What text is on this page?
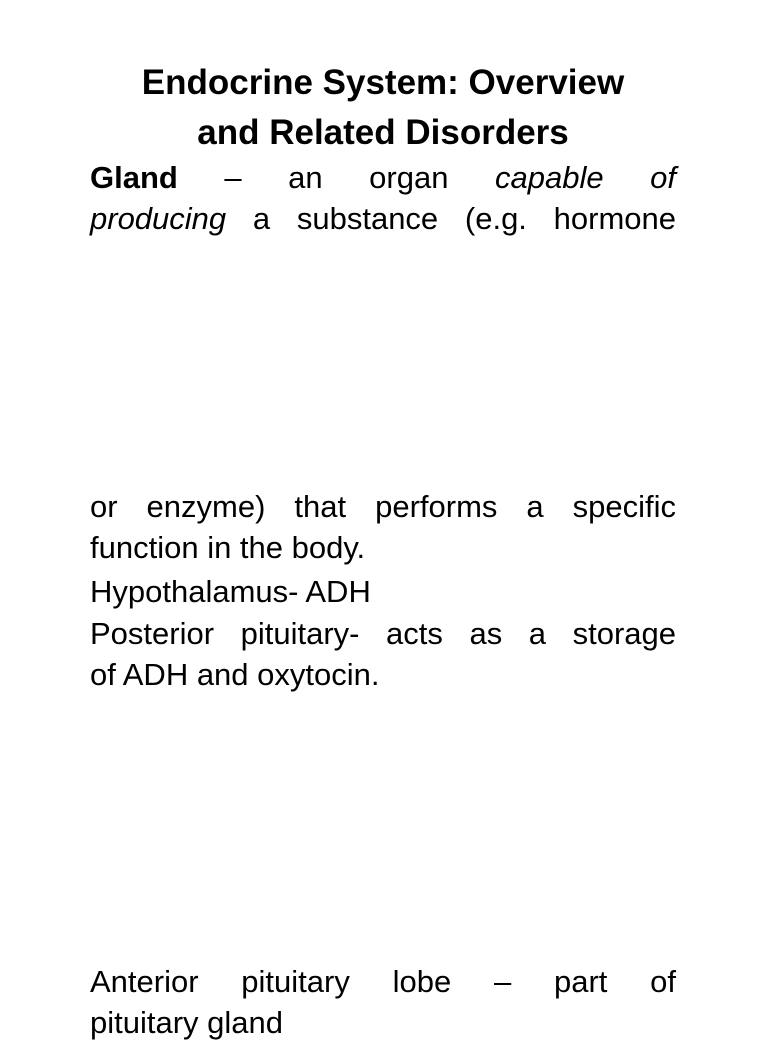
Endocrine System: Overview
and Related Disorders

Gland – an organ capable of
producing a substance (e.g. hormone

or enzyme) that performs a specific
function in the body.

Hypothalamus- ADH

Posterior pituitary- acts as a storage
of ADH and oxytocin.

Anterior pituitary lobe – part of
pituitary gland
